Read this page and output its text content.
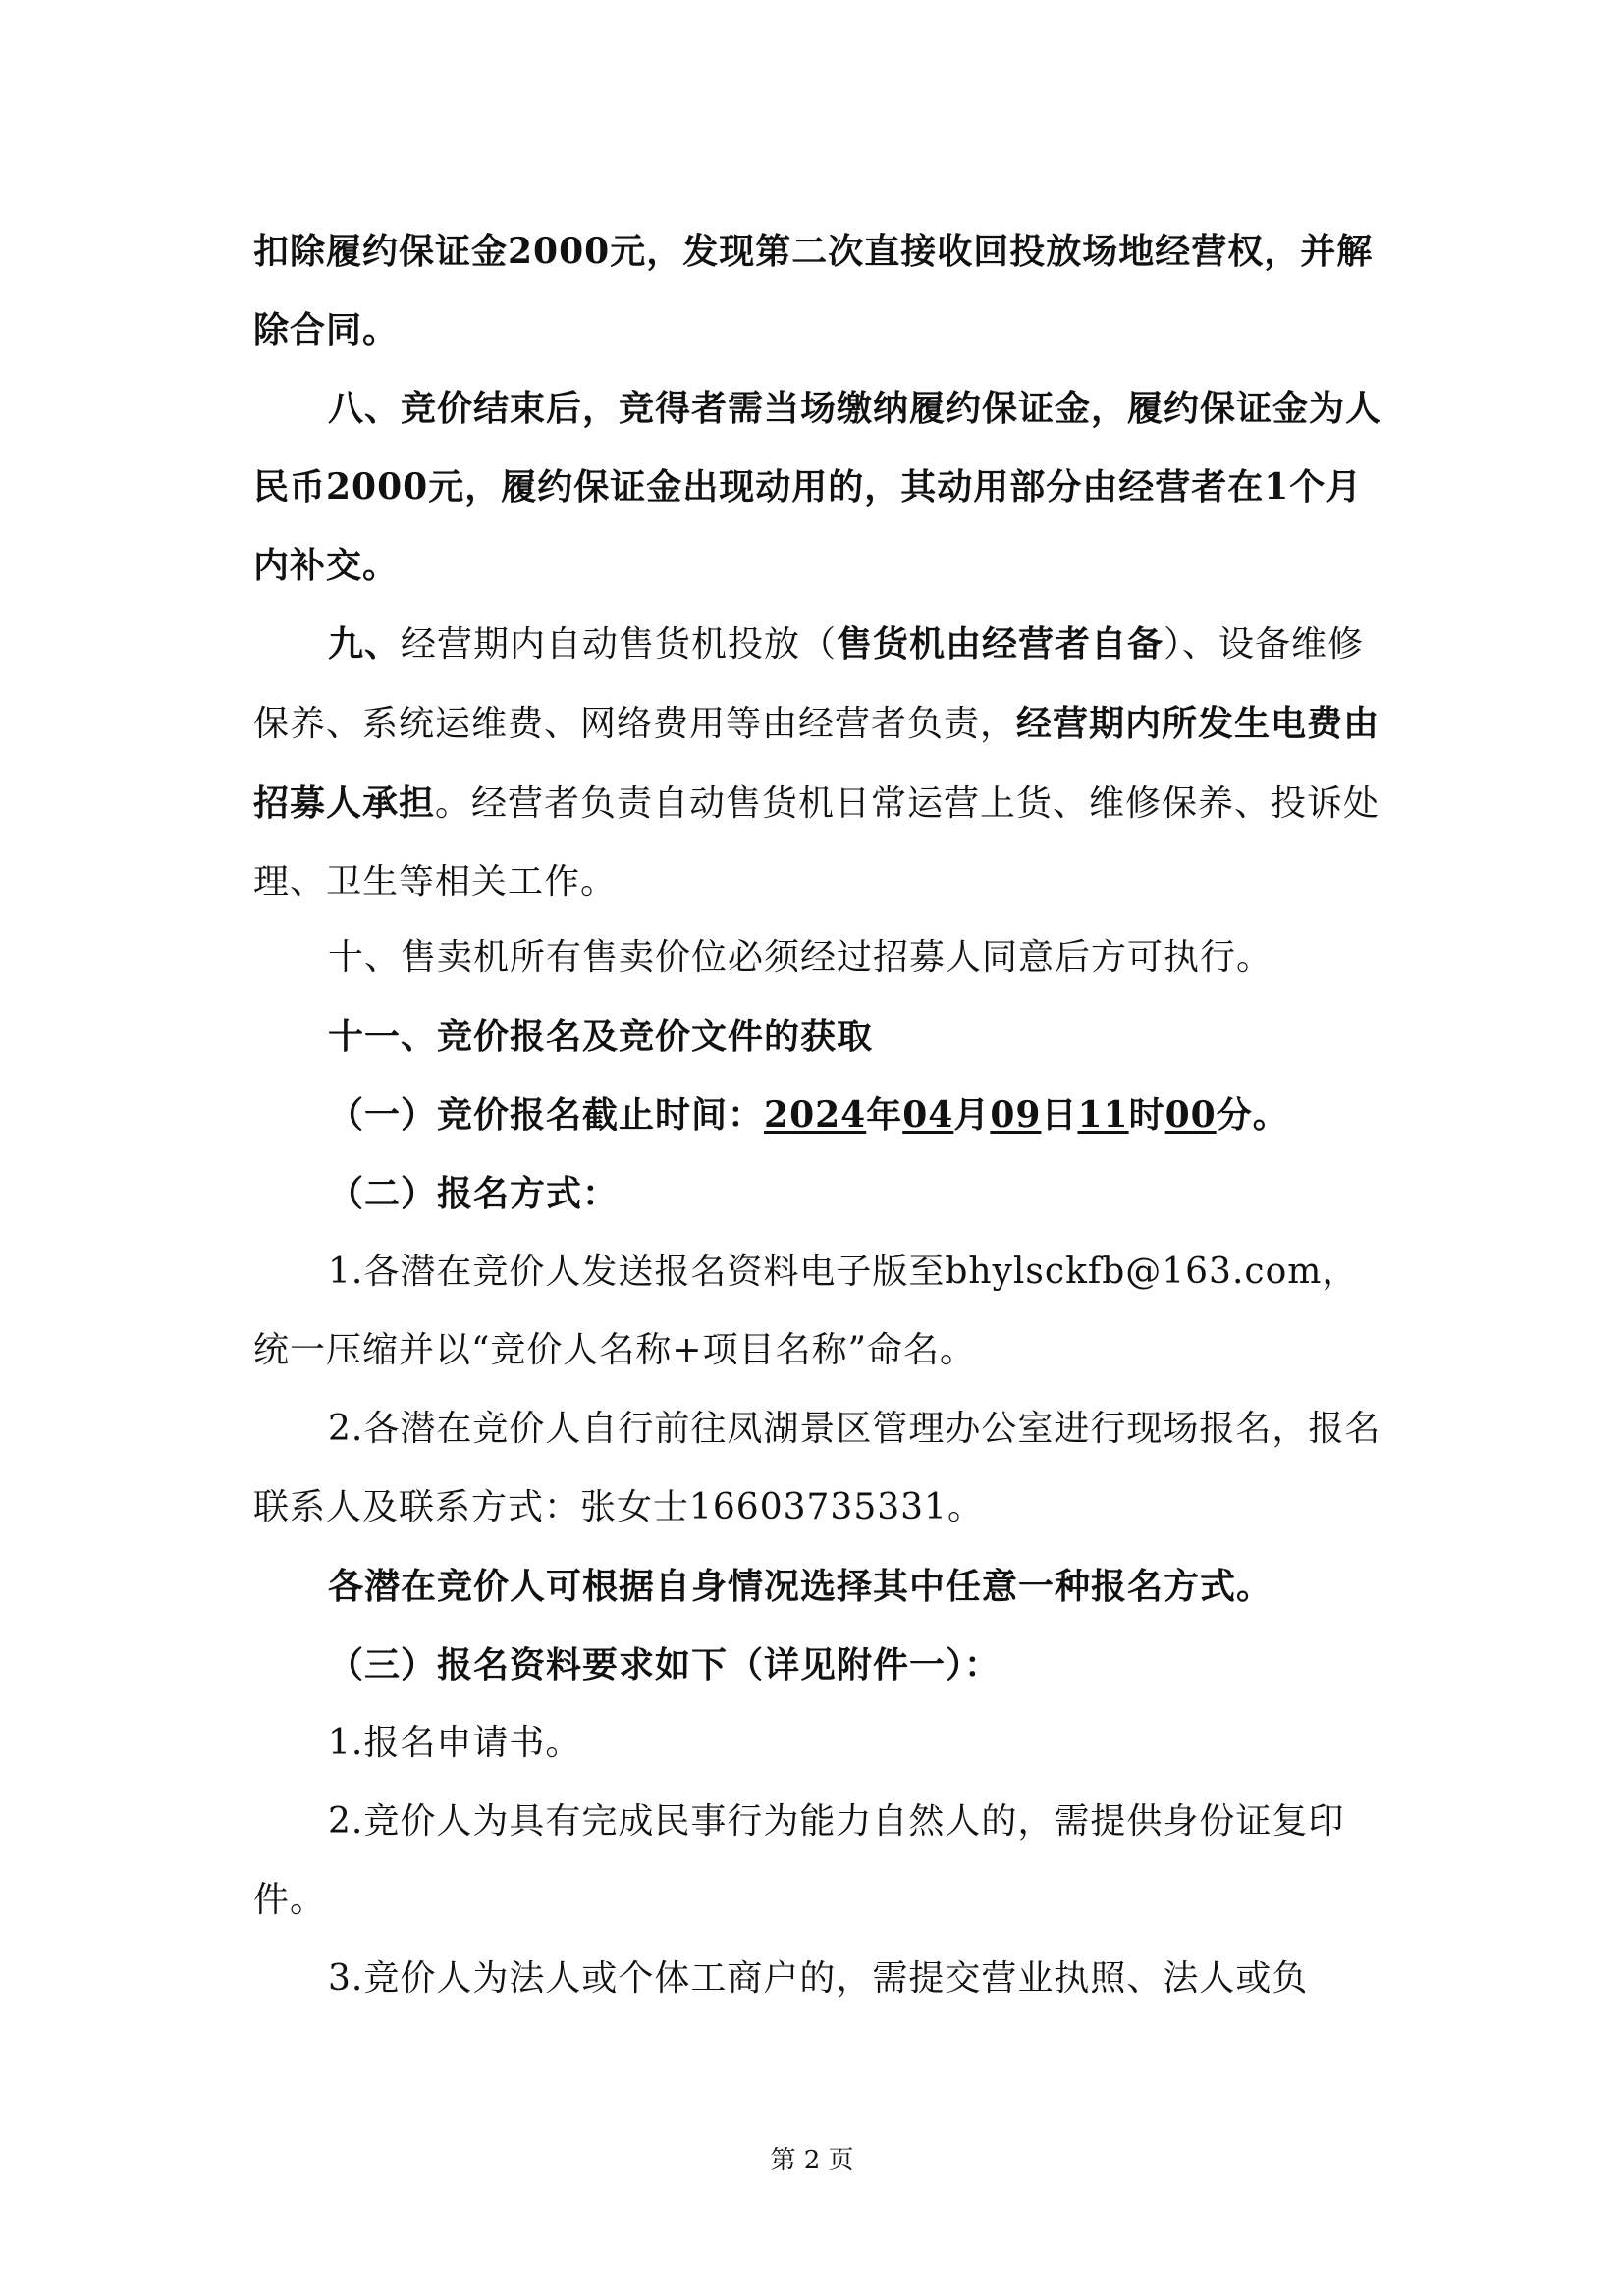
扣除履约保证金2000元，发现第二次直接收回投放场地经营权，并解除合同。

八、竞价结束后，竞得者需当场缴纳履约保证金，履约保证金为人民币2000元，履约保证金出现动用的，其动用部分由经营者在1个月内补交。

九、经营期内自动售货机投放（售货机由经营者自备）、设备维修保养、系统运维费、网络费用等由经营者负责，经营期内所发生电费由招募人承担。经营者负责自动售货机日常运营上货、维修保养、投诉处理、卫生等相关工作。

十、售卖机所有售卖价位必须经过招募人同意后方可执行。

十一、竞价报名及竞价文件的获取

（一）竞价报名截止时间：2024年04月09日11时00分。

（二）报名方式：

1.各潜在竞价人发送报名资料电子版至bhylsckfb@163.com，统一压缩并以“竞价人名称+项目名称”命名。

2.各潜在竞价人自行前往凤湖景区管理办公室进行现场报名，报名联系人及联系方式：张女士16603735331。

各潜在竞价人可根据自身情况选择其中任意一种报名方式。

（三）报名资料要求如下（详见附件一）：

1.报名申请书。

2.竞价人为具有完成民事行为能力自然人的，需提供身份证复印件。

3.竞价人为法人或个体工商户的，需提交营业执照、法人或负

第 2 页
